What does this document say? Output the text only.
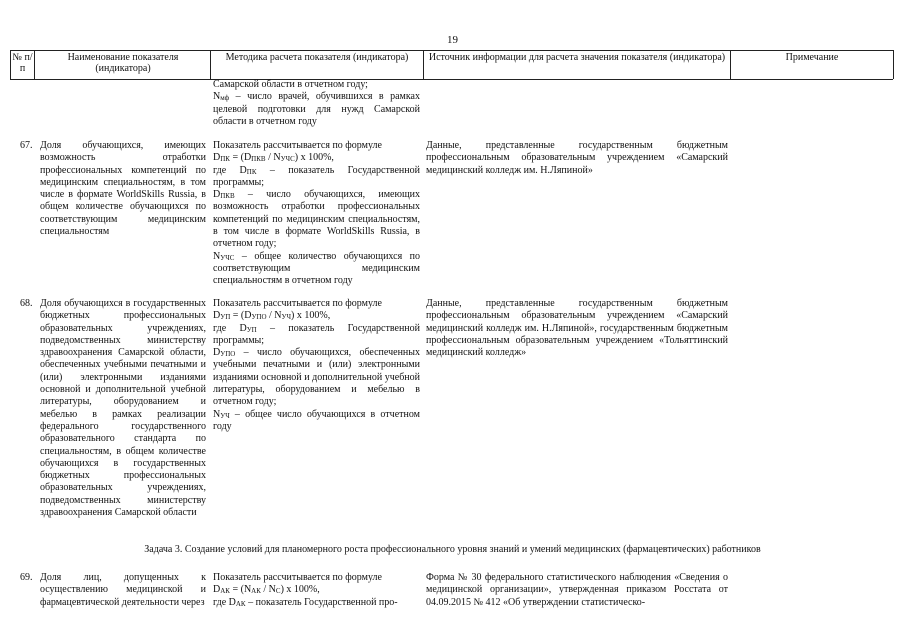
19
№ п/п
Наименование показателя (индикатора)
Методика расчета показателя (индикатора)	Источник информации для расчета значения показателя (индикатора)	Примечание
Самарской области в отчетном году;
$N_{мф}$ – число врачей, обучившихся в рамках целевой подготовки для нужд Самарской области в отчетном году
67. Доля обучающихся, имеющих возможность отработки профессиональных компетенций по медицинским специальностям, в том числе в формате WorldSkills Russia, в общем количестве обучающихся по соответствующим медицинским специальностям
Показатель рассчитывается по формуле
$D_{ПК} = (D_{ПКВ} / N_{УЧС})$ x 100%,
где $D_{ПК}$ – показатель Государственной программы;
$D_{ПКВ}$ – число обучающихся, имеющих возможность отработки профессиональных компетенций по медицинским специальностям, в том числе в формате WorldSkills Russia, в отчетном году;
$N_{УЧС}$ – общее количество обучающихся по соответствующим медицинским специальностям в отчетном году
Данные, представленные государственным бюджетным профессиональным образовательным учреждением «Самарский медицинский колледж им. Н.Ляпиной»
68. Доля обучающихся в государственных бюджетных профессиональных образовательных учреждениях, подведомственных министерству здравоохранения Самарской области, обеспеченных учебными печатными и (или) электронными изданиями основной и дополнительной учебной литературы, оборудованием и мебелью в рамках реализации федерального государственного образовательного стандарта по специальностям, в общем количестве обучающихся в государственных бюджетных профессиональных образовательных учреждениях, подведомственных министерству здравоохранения Самарской области
Показатель рассчитывается по формуле
$D_{УП} = (D_{УПО} / N_{УЧ})$ x 100%,
где $D_{УП}$ – показатель Государственной программы;
$D_{УПО}$ – число обучающихся, обеспеченных учебными печатными и (или) электронными изданиями основной и дополнительной учебной литературы, оборудованием и мебелью в отчетном году;
$N_{УЧ}$ – общее число обучающихся в отчетном году
Данные, представленные государственным бюджетным профессиональным образовательным учреждением «Самарский медицинский колледж им. Н.Ляпиной», государственным бюджетным профессиональным образовательным учреждением «Тольяттинский медицинский колледж»
Задача 3. Создание условий для планомерного роста профессионального уровня знаний и умений медицинских (фармацевтических) работников
69. Доля лиц, допущенных к осуществлению медицинской и фармацевтической деятельности через
Показатель рассчитывается по формуле
$D_{АК} = (N_{АК} / N_С)$ x 100%,
где $D_{АК}$ – показатель Государственной про-
Форма № 30 федерального статистического наблюдения «Сведения о медицинской организации», утвержденная приказом Росстата от 04.09.2015 № 412 «Об утверждении статистическо-
